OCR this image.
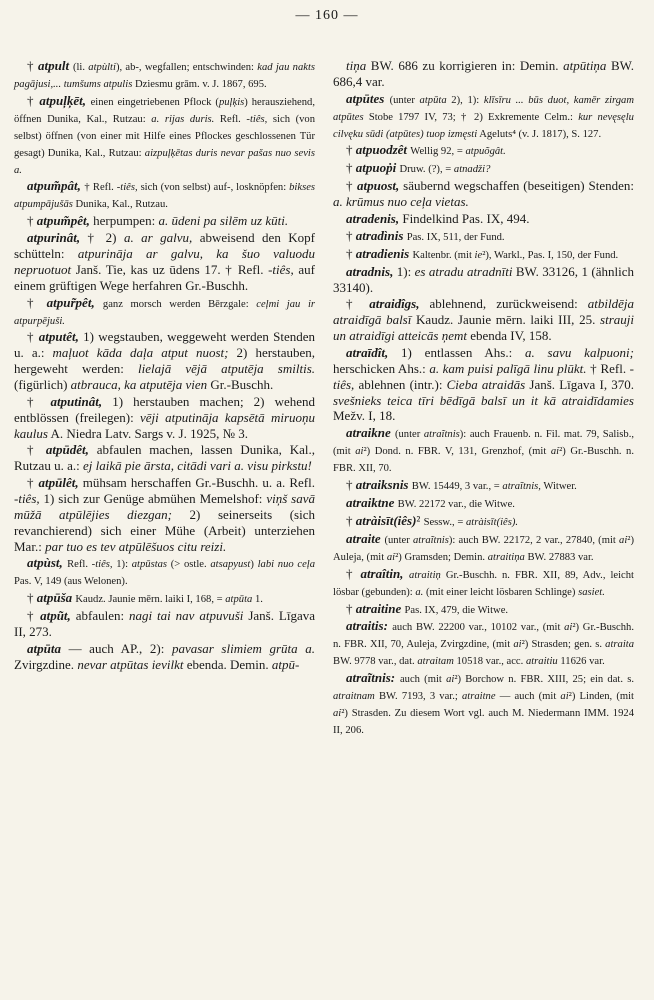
— 160 —

† atpult (li. atpùlti), ab-, wegfallen; entschwinden: kad jau nakts pagājusi,... tumšums atpulis Dziesmu grām. v. J. 1867, 695.

† atpuļķēt, einen eingetriebenen Pflock (puļķis) herausziehend, öffnen Dunika, Kal., Rutzau: a. rijas duris. Refl. -tiês, sich (von selbst) öffnen (von einer mit Hilfe eines Pflockes geschlossenen Tür gesagt) Dunika, Kal., Rutzau: aizpuļķētas duris nevar pašas nuo sevis a.

atpum̃pât, † Refl. -tiês, sich (von selbst) auf-, losknöpfen: bikses atpumpājušās Dunika, Kal., Rutzau.

† atpum̃pêt, herpumpen: a. ūdeni pa silēm uz kūti.

atpurinât, † 2) a. ar galvu, abweisend den Kopf schütteln: atpurināja ar galvu, ka šuo valuodu nepruotuot Janš. Tie, kas uz ūdens 17. † Refl. -tiês, auf einem grüftigen Wege herfahren Gr.-Buschh.

† atpur̃pêt, ganz morsch werden Bērzgale: ceļmi jau ir atpurpējuši.

† atputêt, 1) wegstauben, weggeweht werden Stenden u. a.: maļuot kāda daļa atput nuost; 2) herstauben, hergeweht werden: lielajā vējā atputēja smiltis. (figürlich) atbrauca, ka atputēja vien Gr.-Buschh.

† atputinât, 1) herstauben machen; 2) wehend entblössen (freilegen): vēji atputināja kapsētā miruoņu kaulus A. Niedra Latv. Sargs v. J. 1925, № 3.

† atpūdêt, abfaulen machen, lassen Dunika, Kal., Rutzau u. a.: ej laikā pie ārsta, citādi vari a. visu pirkstu!

† atpūlêt, mühsam herschaffen Gr.-Buschh. u. a. Refl. -tiês, 1) sich zur Genüge abmühen Memelshof: viņš savā mūžā atpūlējies diezgan; 2) seinerseits (sich revanchierend) sich einer Mühe (Arbeit) unterziehen Mar.: par tuo es tev atpūlēšuos citu reizi.

atpùst, Refl. -tiês, 1): atpūstas (> ostle. atsapyust) labi nuo ceļa Pas. V, 149 (aus Welonen).

† atpūša Kaudz. Jaunie mērn. laiki I, 168, = atpūta 1.

† atpũt, abfaulen: nagi tai nav atpuvuši Janš. Līgava II, 273.

atpūta — auch AP., 2): pavasar slimiem grūta a. Zvirgzdine. nevar atpūtas ievilkt ebenda. Demin. atpū-

tiņa BW. 686 zu korrigieren in: Demin. atpūtiņa BW. 686,4 var.

atpūtes (unter atpūta 2), 1): klīsīru ... būs duot, kamēr zirgam atpūtes Stobe 1797 IV, 73; † 2) Exkremente Celm.: kur nevęsęlu cilvęku sūdi (atpūtes) tuop izmęsti Ageluts⁴ (v. J. 1817), S. 127.

† atpuodzêt Wellig 92, = atpuõgât.

† atpuoṗi Druw. (?), = atnadži?

† atpuost, säubernd wegschaffen (beseitigen) Stenden: a. krūmus nuo ceļa vietas.

atradenis, Findelkind Pas. IX, 494.

† atradìnis Pas. IX, 511, der Fund.

† atradienis Kaltenbr. (mit ie²), Warkl., Pas. I, 150, der Fund.

atradnis, 1): es atradu atradnīti BW. 33126, 1 (ähnlich 33140).

† atraidîgs, ablehnend, zurückweisend: atbildēja atraidīgā balsī Kaudz. Jaunie mērn. laiki III, 25. strauji un atraidīgi atteicās ņemt ebenda IV, 158.

atraīdît, 1) entlassen Ahs.: a. savu kalpuoni; herschicken Ahs.: a. kam puisi palīgā linu plūkt. † Refl. -tiês, ablehnen (intr.): Cieba atraidās Janš. Līgava I, 370. svešnieks teica tīri bēdīgā balsī un it kā atraidīdamies Mežv. I, 18.

atraikne (unter atraĩtnis): auch Frauenb. n. Fil. mat. 79, Salisb., (mit ai²) Dond. n. FBR. V, 131, Grenzhof, (mit ai²) Gr.-Buschh. n. FBR. XII, 70.

† atraiksnis BW. 15449, 3 var., = atraĩtnis, Witwer.

atraiktne BW. 22172 var., die Witwe.

† atràisīt(iês)² Sessw., = atràisīt(iês).

atraite (unter atraĩtnis): auch BW. 22172, 2 var., 27840, (mit ai²) Auleja, (mit ai²) Gramsden; Demin. atraitiņa BW. 27883 var.

† atraîtin, atraitiņ Gr.-Buschh. n. FBR. XII, 89, Adv., leicht lösbar (gebunden): a. (mit einer leicht lösbaren Schlinge) sasiet.

† atraitine Pas. IX, 479, die Witwe.

atraitis: auch BW. 22200 var., 10102 var., (mit ai²) Gr.-Buschh. n. FBR. XII, 70, Auleja, Zvirgzdine, (mit ai²) Strasden; gen. s. atraita BW. 9778 var., dat. atraitam 10518 var., acc. atraitiu 11626 var.

atraĩtnis: auch (mit ai²) Borchow n. FBR. XIII, 25; ein dat. s. atraitnam BW. 7193, 3 var.; atraitne — auch (mit ai²) Linden, (mit ai²) Strasden. Zu diesem Wort vgl. auch M. Niedermann IMM. 1924 II, 206.
